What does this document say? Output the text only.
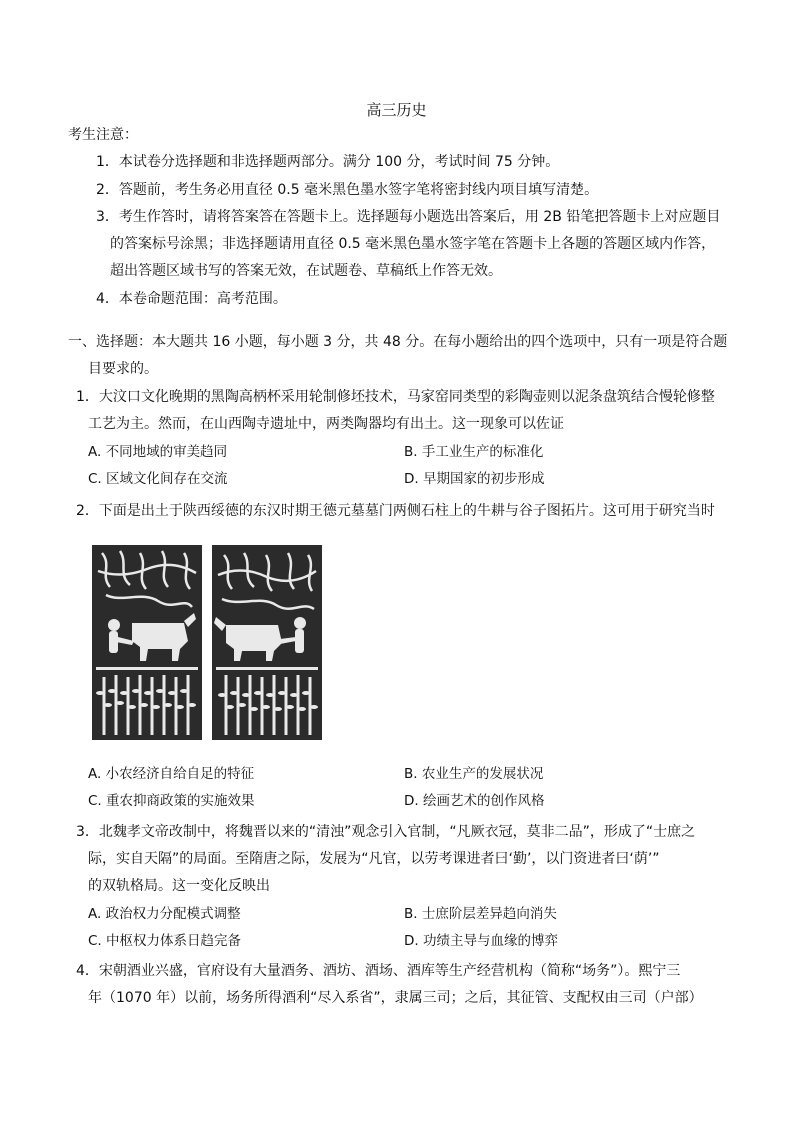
高三历史
考生注意：
1．本试卷分选择题和非选择题两部分。满分 100 分，考试时间 75 分钟。
2．答题前，考生务必用直径 0.5 毫米黑色墨水签字笔将密封线内项目填写清楚。
3．考生作答时，请将答案答在答题卡上。选择题每小题选出答案后，用 2B 铅笔把答题卡上对应题目
的答案标号涂黑；非选择题请用直径 0.5 毫米黑色墨水签字笔在答题卡上各题的答题区域内作答，
超出答题区域书写的答案无效，在试题卷、草稿纸上作答无效。
4．本卷命题范围：高考范围。
一、选择题：本大题共 16 小题，每小题 3 分，共 48 分。在每小题给出的四个选项中，只有一项是符合题
目要求的。
1．大汶口文化晚期的黑陶高柄杯采用轮制修坯技术，马家窑同类型的彩陶壶则以泥条盘筑结合慢轮修整
工艺为主。然而，在山西陶寺遗址中，两类陶器均有出土。这一现象可以佐证
A. 不同地域的审美趋同	B. 手工业生产的标准化
C. 区域文化间存在交流	D. 早期国家的初步形成
2．下面是出土于陕西绥德的东汉时期王德元墓墓门两侧石柱上的牛耕与谷子图拓片。这可用于研究当时
A. 小农经济自给自足的特征	B. 农业生产的发展状况
C. 重农抑商政策的实施效果	D. 绘画艺术的创作风格
3．北魏孝文帝改制中，将魏晋以来的“清浊”观念引入官制，“凡厥衣冠，莫非二品”，形成了“士庶之
际，实自天隔”的局面。至隋唐之际，发展为“凡官，以劳考课进者曰‘勤’，以门资进者曰‘荫’”
的双轨格局。这一变化反映出
A. 政治权力分配模式调整	B. 士庶阶层差异趋向消失
C. 中枢权力体系日趋完备	D. 功绩主导与血缘的博弈
4．宋朝酒业兴盛，官府设有大量酒务、酒坊、酒场、酒库等生产经营机构（简称“场务”）。熙宁三
年（1070 年）以前，场务所得酒利“尽入系省”，隶属三司；之后，其征管、支配权由三司（户部）
